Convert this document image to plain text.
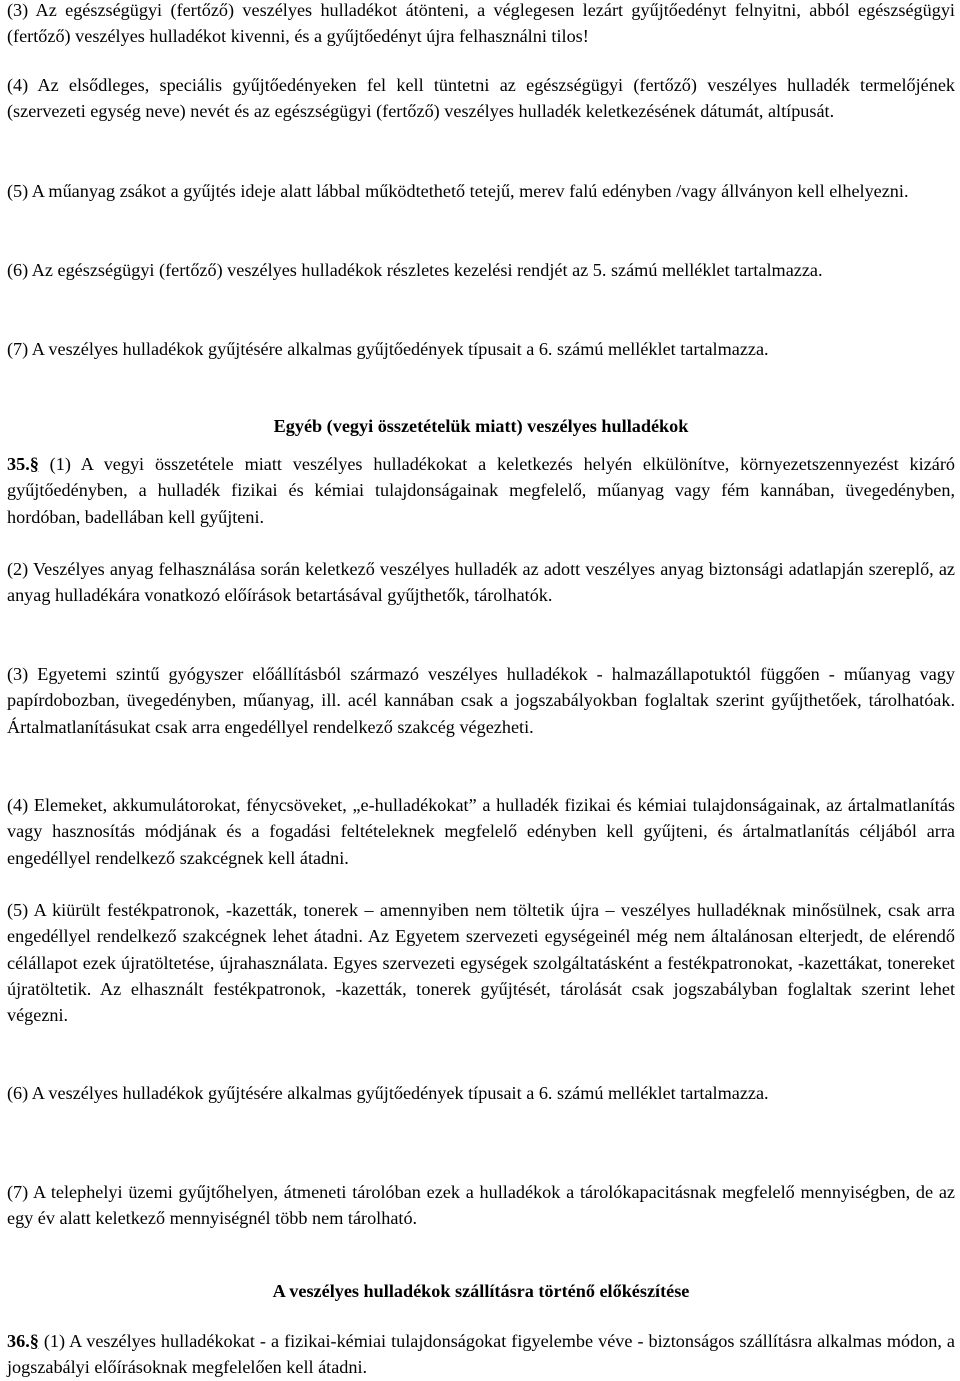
(3) Az egészségügyi (fertőző) veszélyes hulladékot átönteni, a véglegesen lezárt gyűjtőedényt felnyitni, abból egészségügyi (fertőző) veszélyes hulladékot kivenni, és a gyűjtőedényt újra felhasználni tilos!

(4) Az elsődleges, speciális gyűjtőedényeken fel kell tüntetni az egészségügyi (fertőző) veszélyes hulladék termelőjének (szervezeti egység neve) nevét és az egészségügyi (fertőző) veszélyes hulladék keletkezésének dátumát, altípusát.

(5) A műanyag zsákot a gyűjtés ideje alatt lábbal működtethető tetejű, merev falú edényben /vagy állványon kell elhelyezni.

(6) Az egészségügyi (fertőző) veszélyes hulladékok részletes kezelési rendjét az 5. számú melléklet tartalmazza.

(7) A veszélyes hulladékok gyűjtésére alkalmas gyűjtőedények típusait a 6. számú melléklet tartalmazza.

Egyéb (vegyi összetételük miatt) veszélyes hulladékok

35.§ (1) A vegyi összetétele miatt veszélyes hulladékokat a keletkezés helyén elkülönítve, környezetszennyezést kizáró gyűjtőedényben, a hulladék fizikai és kémiai tulajdonságainak megfelelő, műanyag vagy fém kannában, üvegedényben, hordóban, badellában kell gyűjteni.

(2) Veszélyes anyag felhasználása során keletkező veszélyes hulladék az adott veszélyes anyag biztonsági adatlapján szereplő, az anyag hulladékára vonatkozó előírások betartásával gyűjthetők, tárolhatók.

(3) Egyetemi szintű gyógyszer előállításból származó veszélyes hulladékok - halmazállapotuktól függően - műanyag vagy papírdobozban, üvegedényben, műanyag, ill. acél kannában csak a jogszabályokban foglaltak szerint gyűjthetőek, tárolhatóak. Ártalmatlanításukat csak arra engedéllyel rendelkező szakcég végezheti.

(4) Elemeket, akkumulátorokat, fénycsöveket, „e-hulladékokat” a hulladék fizikai és kémiai tulajdonságainak, az ártalmatlanítás vagy hasznosítás módjának és a fogadási feltételeknek megfelelő edényben kell gyűjteni, és ártalmatlanítás céljából arra engedéllyel rendelkező szakcégnek kell átadni.

(5) A kiürült festékpatronok, -kazetták, tonerek – amennyiben nem töltetik újra – veszélyes hulladéknak minősülnek, csak arra engedéllyel rendelkező szakcégnek lehet átadni. Az Egyetem szervezeti egységeinél még nem általánosan elterjedt, de elérendő célállapot ezek újratöltetése, újrahasználata. Egyes szervezeti egységek szolgáltatásként a festékpatronokat, -kazettákat, tonereket újratöltetik. Az elhasznált festékpatronok, -kazetták, tonerek gyűjtését, tárolását csak jogszabályban foglaltak szerint lehet végezni.

(6) A veszélyes hulladékok gyűjtésére alkalmas gyűjtőedények típusait a 6. számú melléklet tartalmazza.

(7) A telephelyi üzemi gyűjtőhelyen, átmeneti tárolóban ezek a hulladékok a tárolókapacitásnak megfelelő mennyiségben, de az egy év alatt keletkező mennyiségnél több nem tárolható.

A veszélyes hulladékok szállításra történő előkészítése

36.§ (1) A veszélyes hulladékokat - a fizikai-kémiai tulajdonságokat figyelembe véve - biztonságos szállításra alkalmas módon, a jogszabályi előírásoknak megfelelően kell átadni.
